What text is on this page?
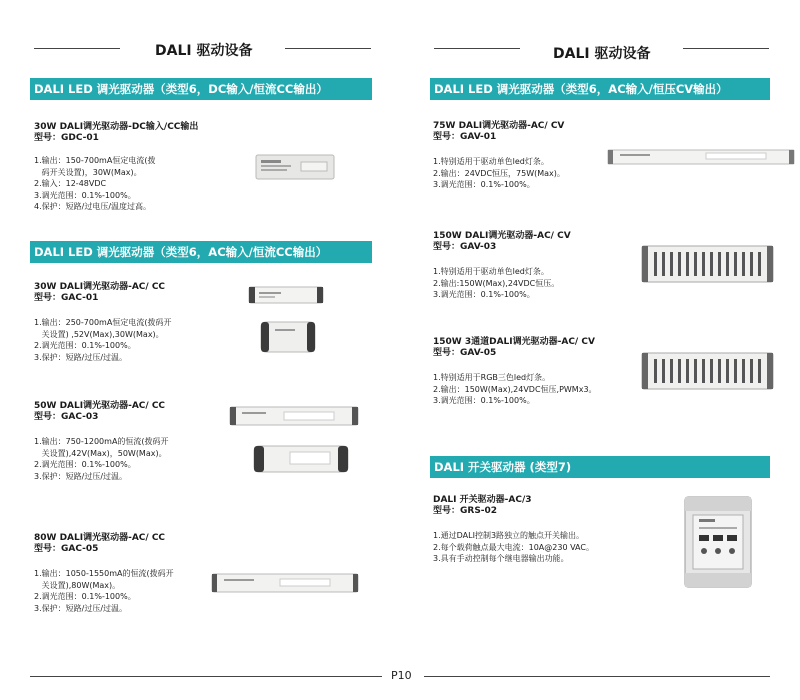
DALI 驱动设备
DALI LED 调光驱动器（类型6，DC输入/恒流CC输出）
30W DALI调光驱动器-DC输入/CC输出
型号：GDC-01
1.输出：150-700mA恒定电流(拨
码开关设置)，30W(Max)。
2.输入：12-48VDC
3.调光范围：0.1%-100%。
4.保护：短路/过电压/温度过高。
DALI LED 调光驱动器（类型6，AC输入/恒流CC输出）
30W DALI调光驱动器-AC/ CC
型号：GAC-01
1.输出：250-700mA恒定电流(拨码开
关设置) ,52V(Max),30W(Max)。
2.调光范围：0.1%-100%。
3.保护：短路/过压/过温。
50W DALI调光驱动器-AC/ CC
型号：GAC-03
1.输出：750-1200mA的恒流(拨码开
关设置),42V(Max)，50W(Max)。
2.调光范围：0.1%-100%。
3.保护：短路/过压/过温。
80W DALI调光驱动器-AC/ CC
型号：GAC-05
1.输出：1050-1550mA的恒流(拨码开
关设置),80W(Max)。
2.调光范围：0.1%-100%。
3.保护：短路/过压/过温。
DALI 驱动设备
DALI LED 调光驱动器（类型6，AC输入/恒压CV输出）
75W DALI调光驱动器-AC/ CV
型号：GAV-01
1.特别适用于驱动单色led灯条。
2.输出：24VDC恒压，75W(Max)。
3.调光范围：0.1%-100%。
150W DALI调光驱动器-AC/ CV
型号：GAV-03
1.特别适用于驱动单色led灯条。
2.输出:150W(Max),24VDC恒压。
3.调光范围：0.1%-100%。
150W 3通道DALI调光驱动器-AC/ CV
型号：GAV-05
1.特别适用于RGB三色led灯条。
2.输出：150W(Max),24VDC恒压,PWMx3。
3.调光范围：0.1%-100%。
DALI 开关驱动器 (类型7)
DALI 开关驱动器-AC/3
型号：GRS-02
1.通过DALI控制3路独立的触点开关输出。
2.每个载荷触点最大电流：10A@230 VAC。
3.具有手动控制每个继电器输出功能。
P10
